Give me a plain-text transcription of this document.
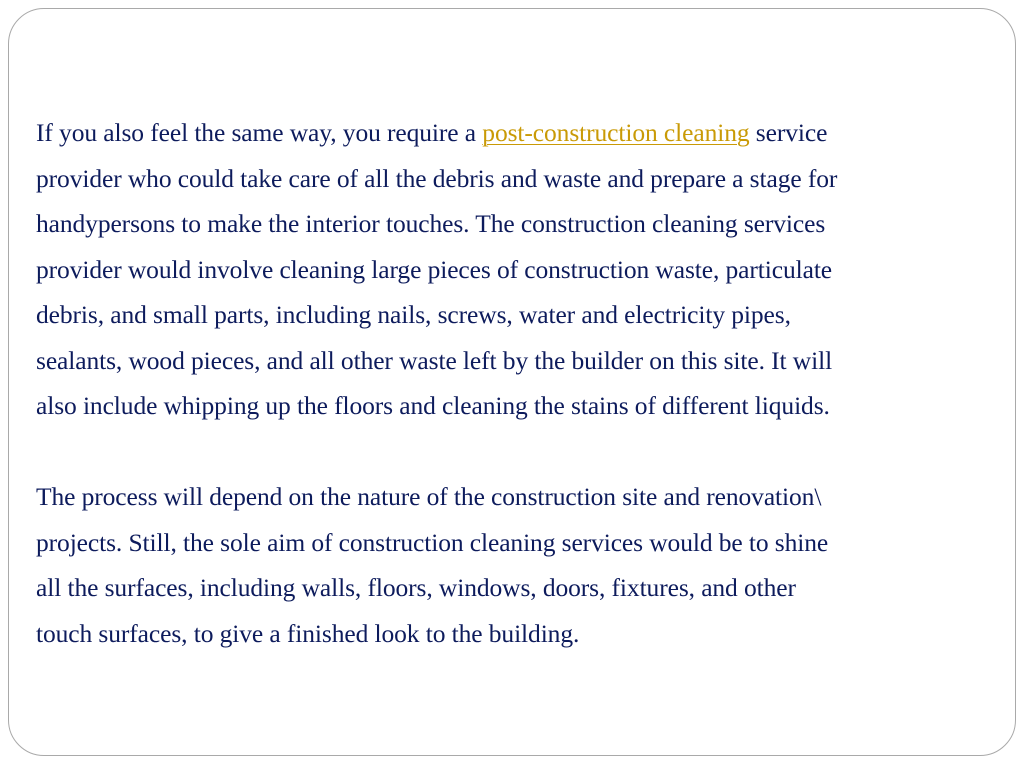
If you also feel the same way, you require a post-construction cleaning service
provider who could take care of all the debris and waste and prepare a stage for
handypersons to make the interior touches. The construction cleaning services
provider would involve cleaning large pieces of construction waste, particulate
debris, and small parts, including nails, screws, water and electricity pipes,
sealants, wood pieces, and all other waste left by the builder on this site. It will
also include whipping up the floors and cleaning the stains of different liquids.
The process will depend on the nature of the construction site and renovation\
projects. Still, the sole aim of construction cleaning services would be to shine
all the surfaces, including walls, floors, windows, doors, fixtures, and other
touch surfaces, to give a finished look to the building.
